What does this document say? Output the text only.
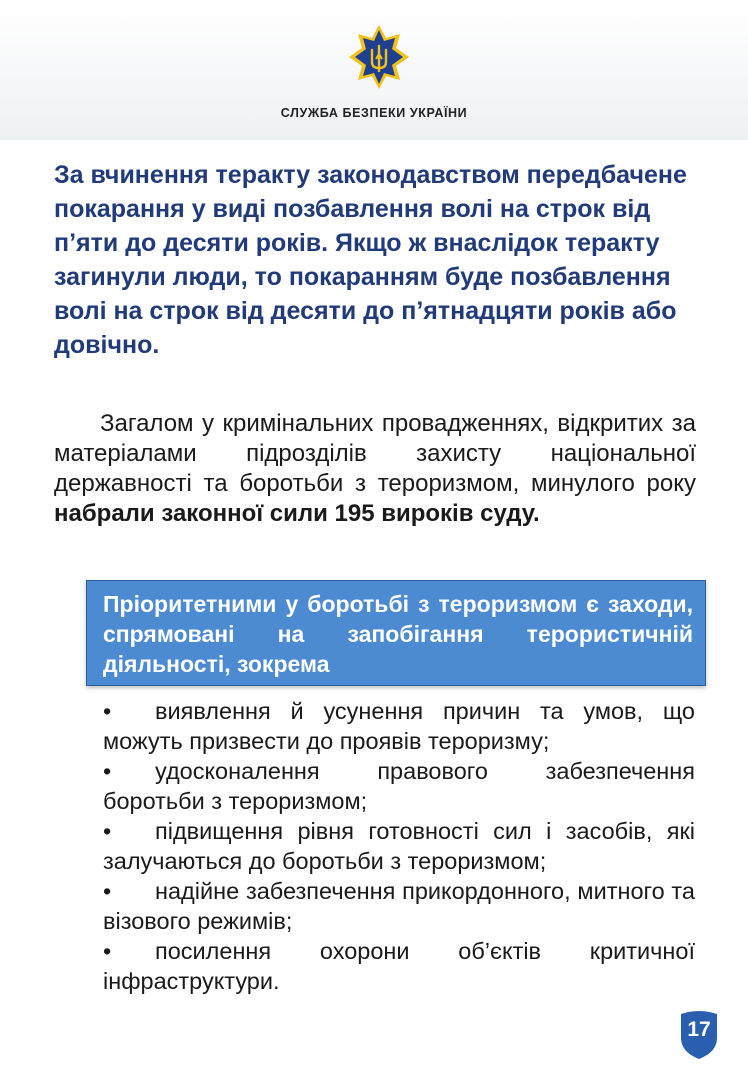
СЛУЖБА БЕЗПЕКИ УКРАЇНИ
За вчинення теракту законодавством передбачене покарання у виді позбавлення волі на строк від п’яти до десяти років. Якщо ж внаслідок теракту загинули люди, то покаранням буде позбавлення волі на строк від десяти до п’ятнадцяти років або довічно.
Загалом у кримінальних провадженнях, відкритих за матеріалами підрозділів захисту національної державності та боротьби з тероризмом, минулого року набрали законної сили 195 вироків суду.
Пріоритетними у боротьбі з тероризмом є заходи, спрямовані на запобігання терористичній діяльності, зокрема
• виявлення й усунення причин та умов, що можуть призвести до проявів тероризму;
• удосконалення правового забезпечення боротьби з тероризмом;
• підвищення рівня готовності сил і засобів, які залучаються до боротьби з тероризмом;
• надійне забезпечення прикордонного, митного та візового режимів;
• посилення охорони об’єктів критичної інфраструктури.
17
